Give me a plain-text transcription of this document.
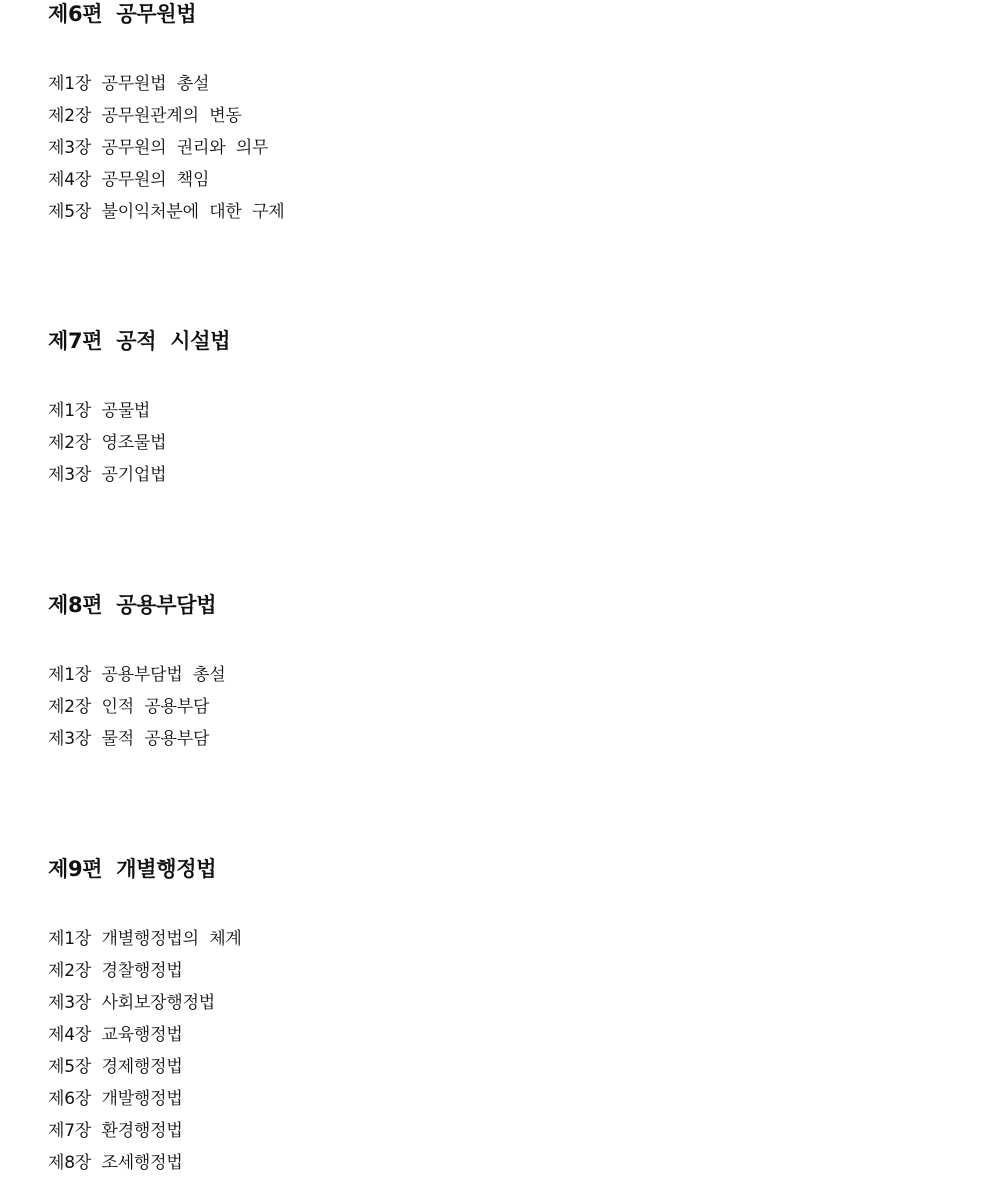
제6편  공무원법
제1장  공무원법  총설
제2장  공무원관계의  변동
제3장  공무원의  권리와  의무
제4장  공무원의  책임
제5장  불이익처분에  대한  구제
제7편  공적  시설법
제1장  공물법
제2장  영조물법
제3장  공기업법
제8편  공용부담법
제1장  공용부담법  총설
제2장  인적  공용부담
제3장  물적  공용부담
제9편  개별행정법
제1장  개별행정법의  체계
제2장  경찰행정법
제3장  사회보장행정법
제4장  교육행정법
제5장  경제행정법
제6장  개발행정법
제7장  환경행정법
제8장  조세행정법
